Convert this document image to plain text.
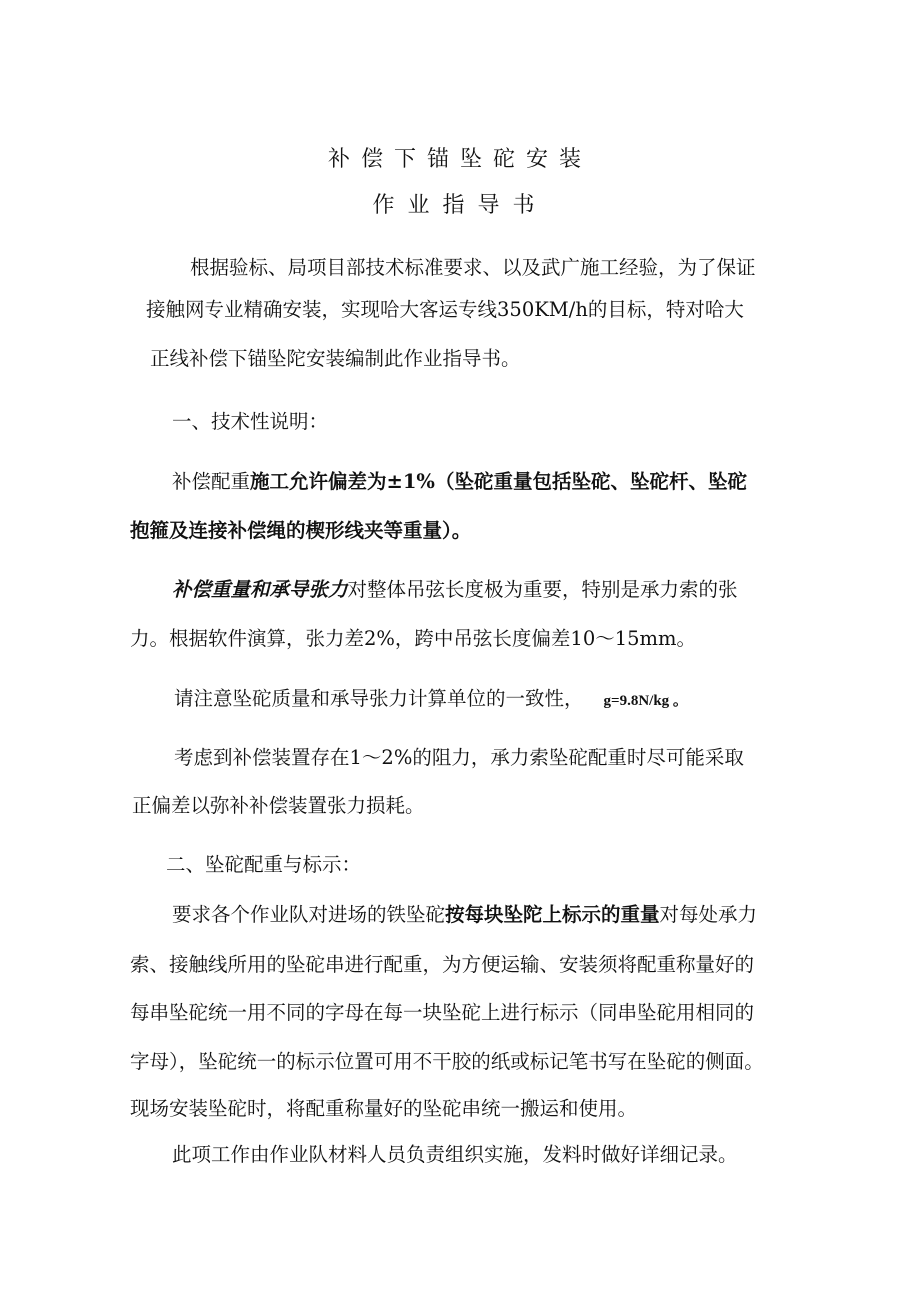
补偿下锚坠砣安装
作业指导书
根据验标、局项目部技术标准要求、以及武广施工经验，为了保证
接触网专业精确安装，实现哈大客运专线350KM/h的目标，特对哈大
正线补偿下锚坠陀安装编制此作业指导书。
一、技术性说明：
补偿配重施工允许偏差为±1%（坠砣重量包括坠砣、坠砣杆、坠砣
抱箍及连接补偿绳的楔形线夹等重量）。
补偿重量和承导张力对整体吊弦长度极为重要，特别是承力索的张
力。根据软件演算，张力差2%，跨中吊弦长度偏差10～15mm。
请注意坠砣质量和承导张力计算单位的一致性， g=9.8N/kg 。
考虑到补偿装置存在1～2%的阻力，承力索坠砣配重时尽可能采取
正偏差以弥补补偿装置张力损耗。
二、坠砣配重与标示：
要求各个作业队对进场的铁坠砣按每块坠陀上标示的重量对每处承力
索、接触线所用的坠砣串进行配重，为方便运输、安装须将配重称量好的
每串坠砣统一用不同的字母在每一块坠砣上进行标示（同串坠砣用相同的
字母），坠砣统一的标示位置可用不干胶的纸或标记笔书写在坠砣的侧面。
现场安装坠砣时，将配重称量好的坠砣串统一搬运和使用。
此项工作由作业队材料人员负责组织实施，发料时做好详细记录。
